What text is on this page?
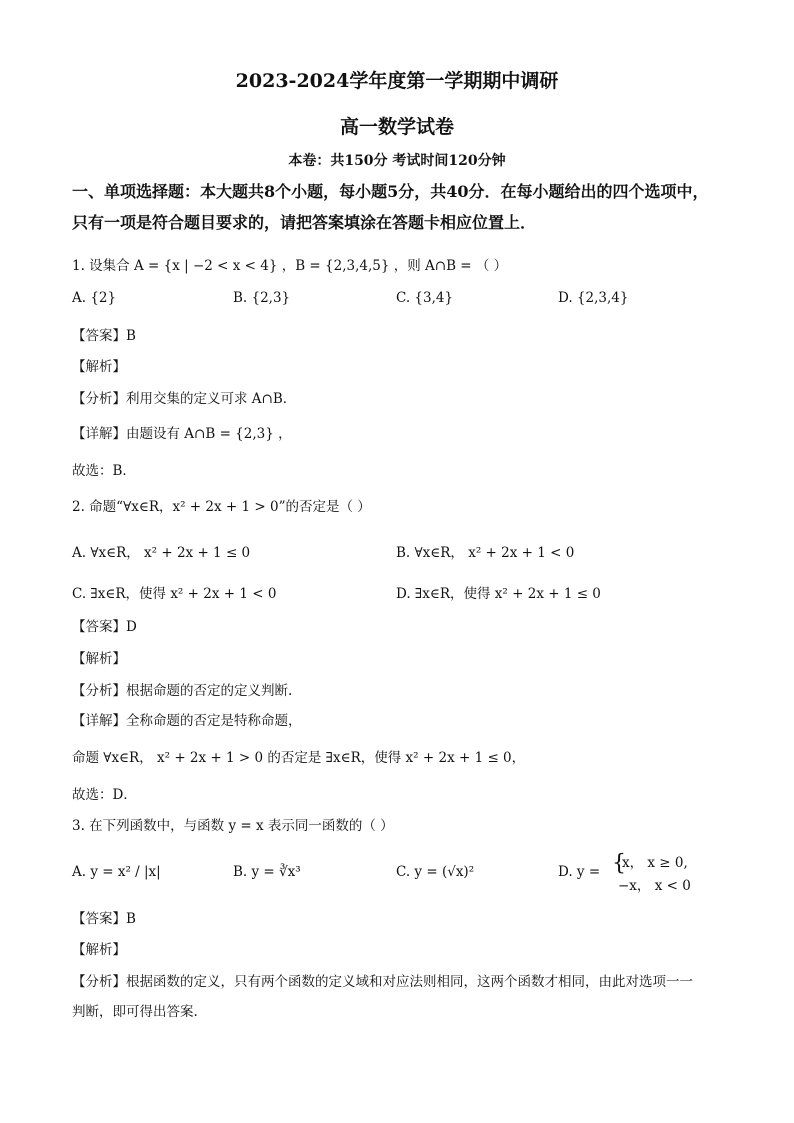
2023-2024学年度第一学期期中调研
高一数学试卷
本卷：共150分 考试时间120分钟
一、单项选择题：本大题共8个小题，每小题5分，共40分．在每小题给出的四个选项中，
只有一项是符合题目要求的，请把答案填涂在答题卡相应位置上．
1. 设集合 A = {x | −2 < x < 4} ，B = {2,3,4,5} ，则 A∩B = （ ）
A. {2}	B. {2,3}	C. {3,4}	D. {2,3,4}
【答案】B
【解析】
【分析】利用交集的定义可求 A∩B．
【详解】由题设有 A∩B = {2,3} ，
故选：B．
2. 命题“∀x∈R，x² + 2x + 1 > 0”的否定是（ ）
A. ∀x∈R， x² + 2x + 1 ≤ 0	B. ∀x∈R， x² + 2x + 1 < 0
C. ∃x∈R，使得 x² + 2x + 1 < 0	D. ∃x∈R，使得 x² + 2x + 1 ≤ 0
【答案】D
【解析】
【分析】根据命题的否定的定义判断.
【详解】全称命题的否定是特称命题，
命题 ∀x∈R， x² + 2x + 1 > 0 的否定是 ∃x∈R，使得 x² + 2x + 1 ≤ 0，
故选：D．
3. 在下列函数中，与函数 y = x 表示同一函数的（ ）
A. y = x² / |x|	B. y = ∛x³	C. y = (√x)²	D. y = {
x， x ≥ 0,
−x， x < 0
【答案】B
【解析】
【分析】根据函数的定义，只有两个函数的定义域和对应法则相同，这两个函数才相同，由此对选项一一
判断，即可得出答案.
